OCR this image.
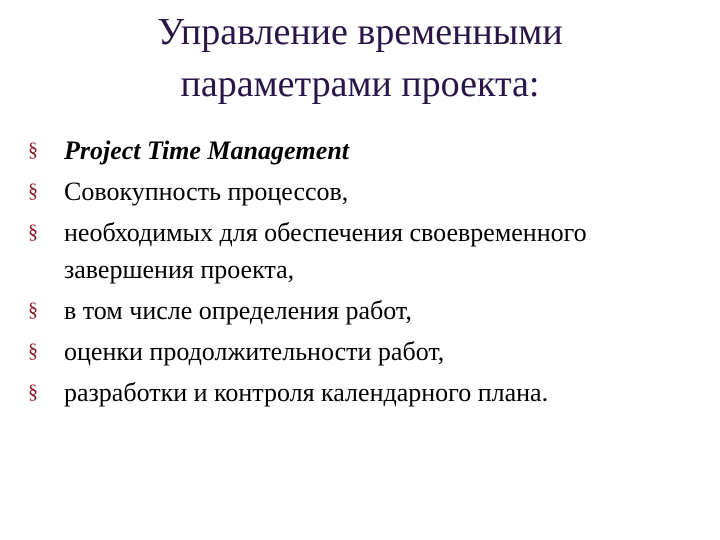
Управление временными
параметрами проекта:
§ Project Time Management
§ Совокупность процессов,
§ необходимых для обеспечения своевременного
завершения проекта,
§ в том числе определения работ,
§ оценки продолжительности работ,
§ разработки и контроля календарного плана.
